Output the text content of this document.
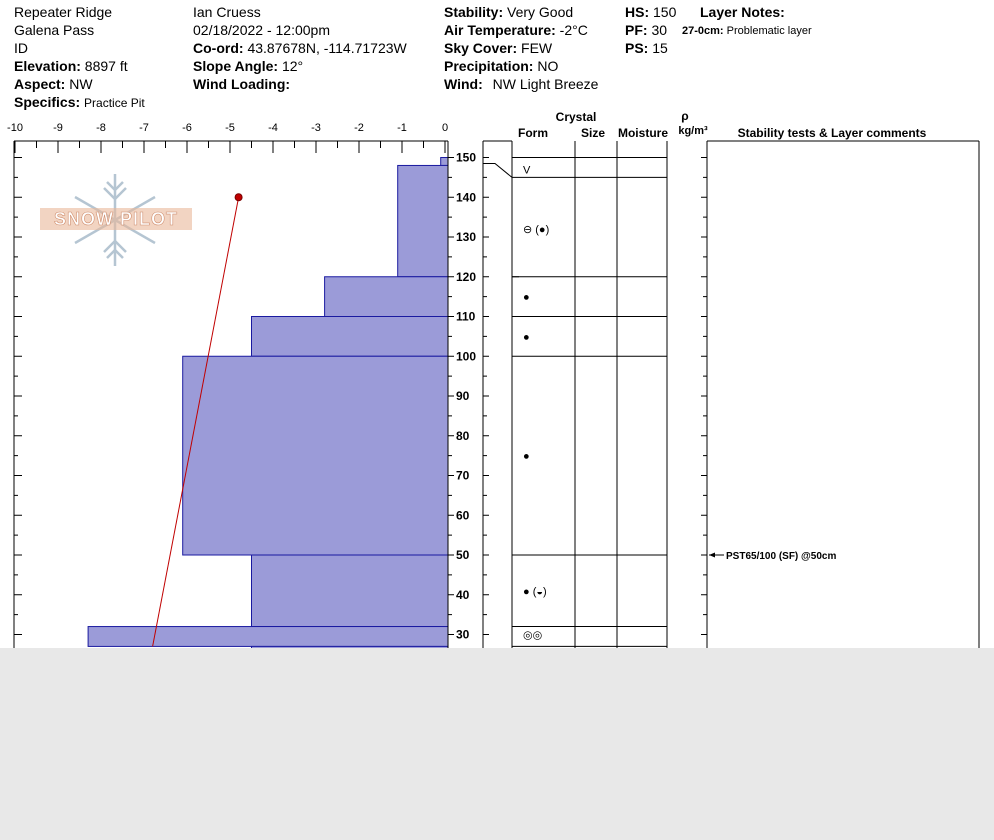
Repeater Ridge
Galena Pass
ID
Elevation: 8897 ft
Aspect: NW
Specifics: Practice Pit
Ian Cruess
02/18/2022 - 12:00pm
Co-ord: 43.87678N, -114.71723W
Slope Angle: 12°
Wind Loading:
Stability: Very Good
Air Temperature: -2°C
Sky Cover: FEW
Precipitation: NO
Wind: NW Light Breeze
HS: 150
PF: 30
PS: 15
Layer Notes:
27-0cm: Problematic layer
-10	-9	-8	-7	-6	-5	-4	-3	-2	-1	0
150
140
130
120
110
100
90
80
70
60
50
40
30
Crystal
Form	Size Moisture
ρ
kg/m³ Stability tests & Layer comments
V
⊖ (●)
●
●
●
● (◒)
◎◎
PST65/100 (SF) @50cm
SNOW PILOT
